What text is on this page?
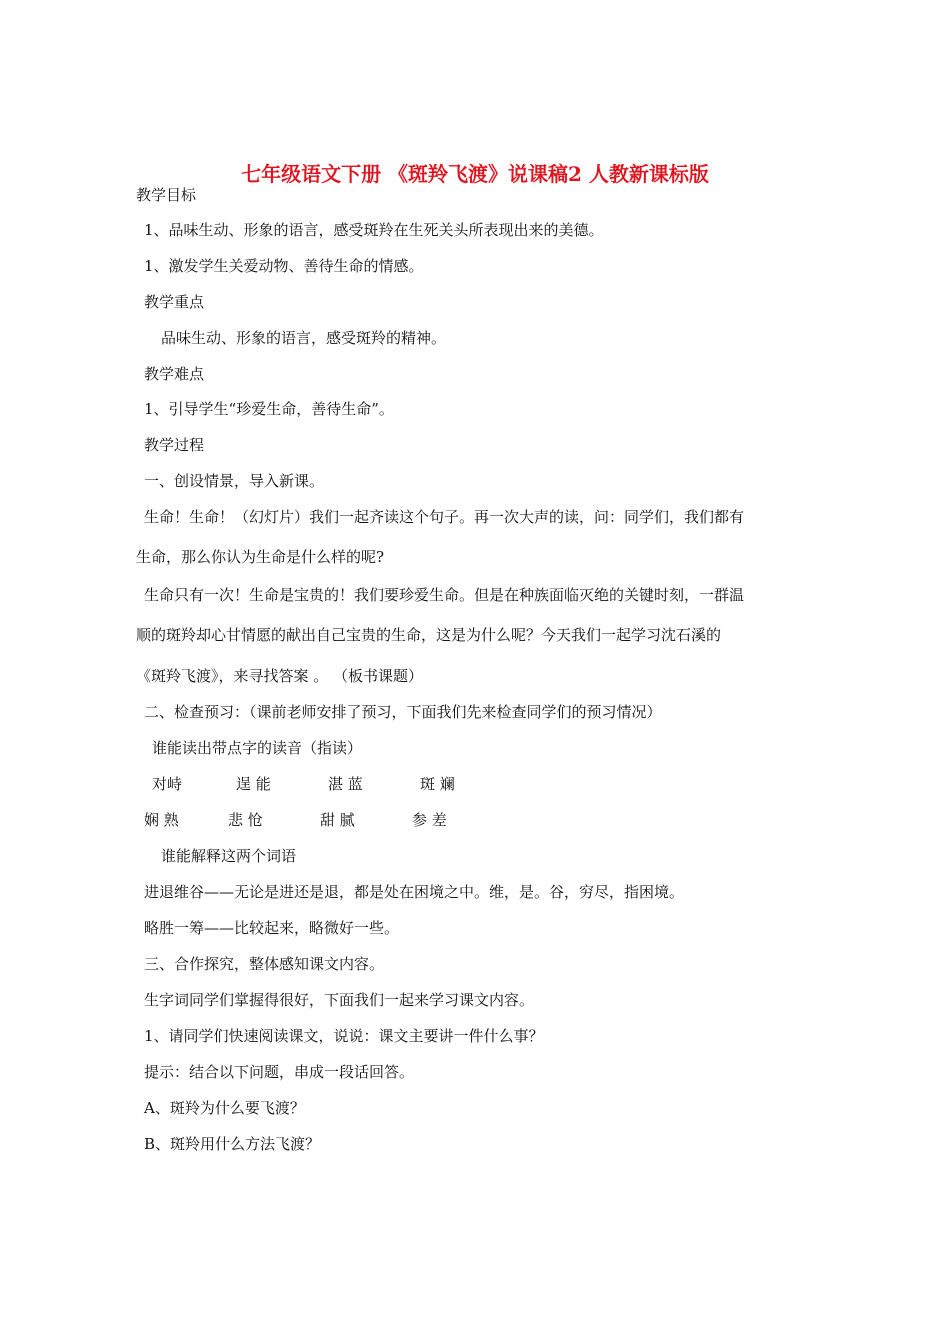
七年级语文下册 《斑羚飞渡》说课稿2 人教新课标版
教学目标
1、品味生动、形象的语言，感受斑羚在生死关头所表现出来的美德。
1、激发学生关爱动物、善待生命的情感。
教学重点
品味生动、形象的语言，感受斑羚的精神。
教学难点
1、引导学生“珍爱生命，善待生命”。
教学过程
一、创设情景，导入新课。
生命！生命！（幻灯片）我们一起齐读这个句子。再一次大声的读，问：同学们，我们都有
生命，那么你认为生命是什么样的呢?
生命只有一次！生命是宝贵的！我们要珍爱生命。但是在种族面临灭绝的关键时刻，一群温
顺的斑羚却心甘情愿的献出自己宝贵的生命，这是为什么呢？今天我们一起学习沈石溪的
《斑羚飞渡》，来寻找答案 。 （板书课题）
二、检查预习：（课前老师安排了预习，下面我们先来检查同学们的预习情况）
谁能读出带点字的读音（指读）
对峙	逞 能	湛 蓝	斑 斓
娴 熟	悲 怆	甜 腻	参 差
谁能解释这两个词语
进退维谷——无论是进还是退，都是处在困境之中。维，是。谷，穷尽，指困境。
略胜一筹——比较起来，略微好一些。
三、合作探究，整体感知课文内容。
生字词同学们掌握得很好，下面我们一起来学习课文内容。
1、请同学们快速阅读课文，说说：课文主要讲一件什么事？
提示：结合以下问题，串成一段话回答。
A、斑羚为什么要飞渡？
B、斑羚用什么方法飞渡？
